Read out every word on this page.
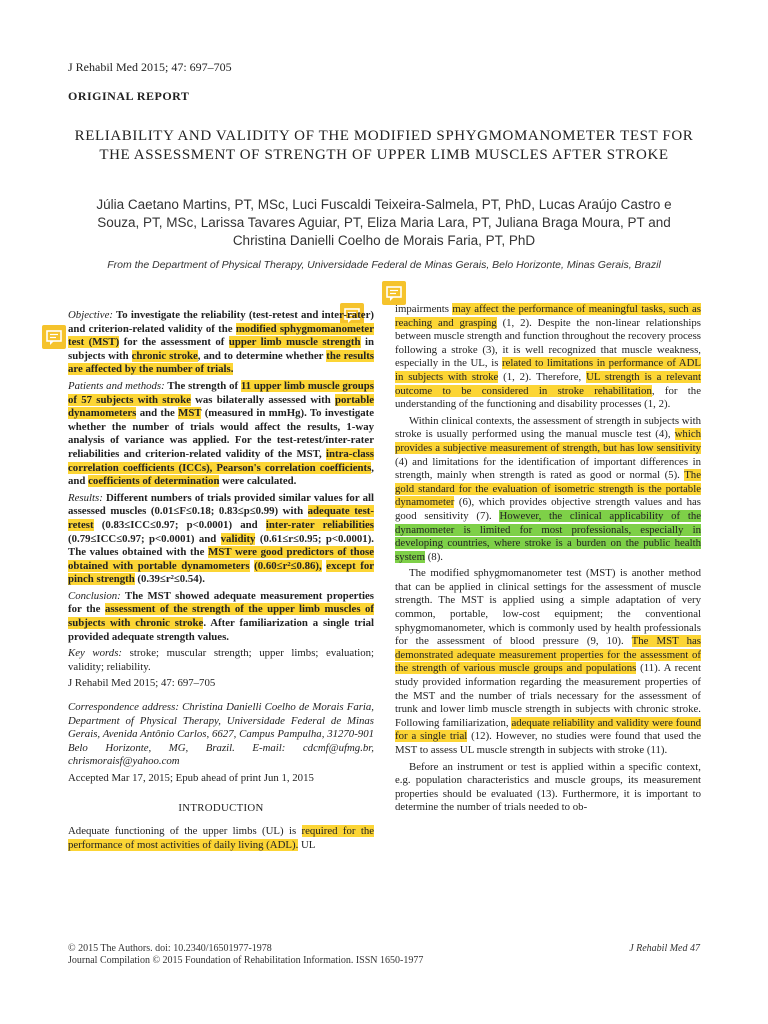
J Rehabil Med 2015; 47: 697–705
ORIGINAL REPORT
RELIABILITY AND VALIDITY OF THE MODIFIED SPHYGMOMANOMETER TEST FOR THE ASSESSMENT OF STRENGTH OF UPPER LIMB MUSCLES AFTER STROKE
Júlia Caetano Martins, PT, MSc, Luci Fuscaldi Teixeira-Salmela, PT, PhD, Lucas Araújo Castro e Souza, PT, MSc, Larissa Tavares Aguiar, PT, Eliza Maria Lara, PT, Juliana Braga Moura, PT and Christina Danielli Coelho de Morais Faria, PT, PhD
From the Department of Physical Therapy, Universidade Federal de Minas Gerais, Belo Horizonte, Minas Gerais, Brazil

Objective: To investigate the reliability (test-retest and inter-rater) and criterion-related validity of the modified sphygmomanometer test (MST) for the assessment of upper limb muscle strength in subjects with chronic stroke, and to determine whether the results are affected by the number of trials.

Patients and methods: The strength of 11 upper limb muscle groups of 57 subjects with stroke was bilaterally assessed with portable dynamometers and the MST (measured in mmHg). To investigate whether the number of trials would affect the results, 1-way analysis of variance was applied. For the test-retest/inter-rater reliabilities and criterion-related validity of the MST, intra-class correlation coefficients (ICCs), Pearson's correlation coefficients, and coefficients of determination were calculated.

Results: Different numbers of trials provided similar values for all assessed muscles (0.01≤F≤0.18; 0.83≤p≤0.99) with adequate test-retest (0.83≤ICC≤0.97; p<0.0001) and inter-rater reliabilities (0.79≤ICC≤0.97; p<0.0001) and validity (0.61≤r≤0.95; p<0.0001). The values obtained with the MST were good predictors of those obtained with portable dynamometers (0.60≤r²≤0.86), except for pinch strength (0.39≤r²≤0.54).

Conclusion: The MST showed adequate measurement properties for the assessment of the strength of the upper limb muscles of subjects with chronic stroke. After familiarization a single trial provided adequate strength values.

Key words: stroke; muscular strength; upper limbs; evaluation; validity; reliability.

J Rehabil Med 2015; 47: 697–705

Correspondence address: Christina Danielli Coelho de Morais Faria, Department of Physical Therapy, Universidade Federal de Minas Gerais, Avenida Antônio Carlos, 6627, Campus Pampulha, 31270-901 Belo Horizonte, MG, Brazil. E-mail: cdcmf@ufmg.br, chrismoraisf@yahoo.com

Accepted Mar 17, 2015; Epub ahead of print Jun 1, 2015

INTRODUCTION

Adequate functioning of the upper limbs (UL) is required for the performance of most activities of daily living (ADL). UL

impairments may affect the performance of meaningful tasks, such as reaching and grasping (1, 2). Despite the non-linear relationships between muscle strength and function throughout the recovery process following a stroke (3), it is well recognized that muscle weakness, especially in the UL, is related to limitations in performance of ADL in subjects with stroke (1, 2). Therefore, UL strength is a relevant outcome to be considered in stroke rehabilitation, for the understanding of the functioning and disability processes (1, 2).

Within clinical contexts, the assessment of strength in subjects with stroke is usually performed using the manual muscle test (4), which provides a subjective measurement of strength, but has low sensitivity (4) and limitations for the identification of important differences in strength, mainly when strength is rated as good or normal (5). The gold standard for the evaluation of isometric strength is the portable dynamometer (6), which provides objective strength values and has good sensitivity (7). However, the clinical applicability of the dynamometer is limited for most professionals, especially in developing countries, where stroke is a burden on the public health system (8).

The modified sphygmomanometer test (MST) is another method that can be applied in clinical settings for the assessment of muscle strength. The MST is applied using a simple adaptation of very common, portable, low-cost equipment; the conventional sphygmomanometer, which is commonly used by health professionals for the assessment of blood pressure (9, 10). The MST has demonstrated adequate measurement properties for the assessment of the strength of various muscle groups and populations (11). A recent study provided information regarding the measurement properties of the MST and the number of trials necessary for the assessment of trunk and lower limb muscle strength in subjects with chronic stroke. Following familiarization, adequate reliability and validity were found for a single trial (12). However, no studies were found that used the MST to assess UL muscle strength in subjects with stroke (11).

Before an instrument or test is applied within a specific context, e.g. population characteristics and muscle groups, its measurement properties should be evaluated (13). Furthermore, it is important to determine the number of trials needed to ob-

© 2015 The Authors. doi: 10.2340/16501977-1978
Journal Compilation © 2015 Foundation of Rehabilitation Information. ISSN 1650-1977
J Rehabil Med 47
